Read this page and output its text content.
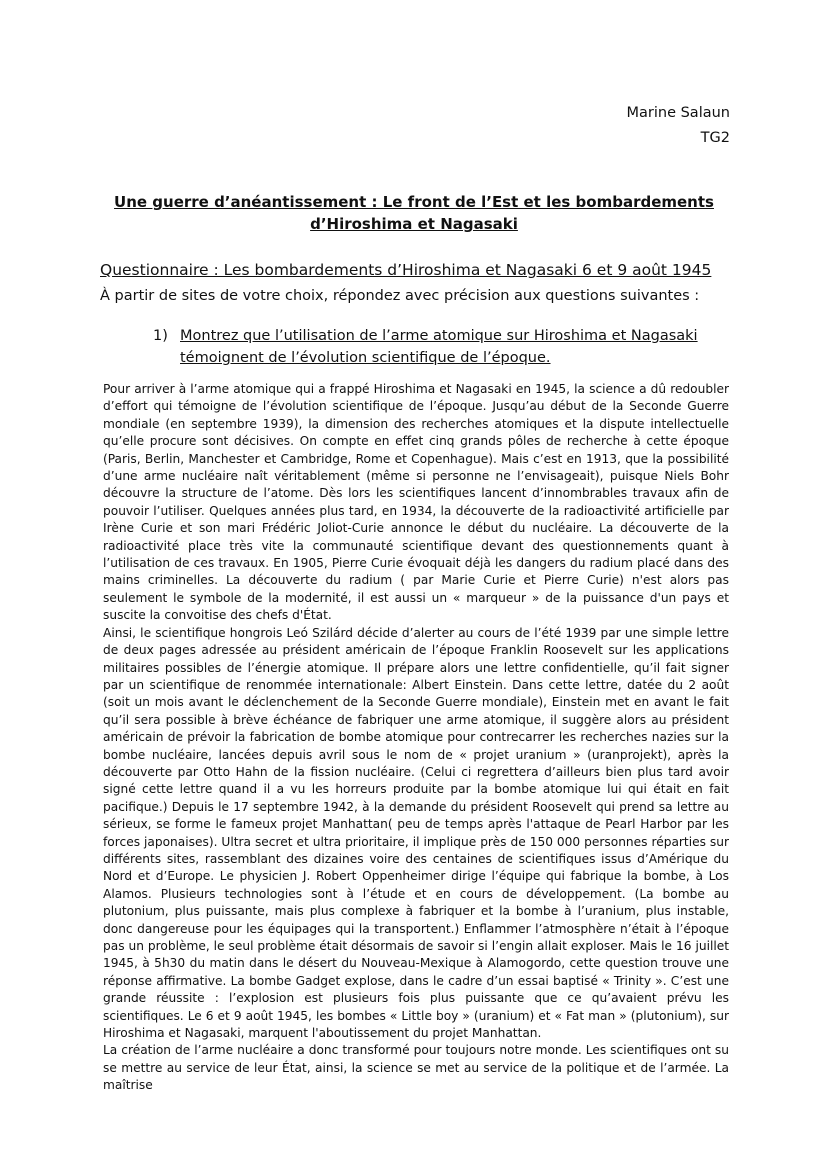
Marine Salaun
TG2
Une guerre d’anéantissement : Le front de l’Est et les bombardements d’Hiroshima et Nagasaki
Questionnaire : Les bombardements d’Hiroshima et Nagasaki 6 et 9 août 1945
À partir de sites de votre choix, répondez avec précision aux questions suivantes :
1) Montrez que l’utilisation de l’arme atomique sur Hiroshima et Nagasaki témoignent de l’évolution scientifique de l’époque.

Pour arriver à l’arme atomique qui a frappé Hiroshima et Nagasaki en 1945, la science a dû redoubler d’effort qui témoigne de l’évolution scientifique de l’époque. Jusqu’au début de la Seconde Guerre mondiale (en septembre 1939), la dimension des recherches atomiques et la dispute intellectuelle qu’elle procure sont décisives. On compte en effet cinq grands pôles de recherche à cette époque (Paris, Berlin, Manchester et Cambridge, Rome et Copenhague). Mais c’est en 1913, que la possibilité d’une arme nucléaire naît véritablement (même si personne ne l’envisageait), puisque Niels Bohr découvre la structure de l’atome. Dès lors les scientifiques lancent d’innombrables travaux afin de pouvoir l’utiliser. Quelques années plus tard, en 1934, la découverte de la radioactivité artificielle par Irène Curie et son mari Frédéric Joliot-Curie annonce le début du nucléaire. La découverte de la radioactivité place très vite la communauté scientifique devant des questionnements quant à l’utilisation de ces travaux. En 1905, Pierre Curie évoquait déjà les dangers du radium placé dans des mains criminelles. La découverte du radium ( par Marie Curie et Pierre Curie) n'est alors pas seulement le symbole de la modernité, il est aussi un « marqueur » de la puissance d'un pays et suscite la convoitise des chefs d'État.

Ainsi, le scientifique hongrois Leó Szilárd décide d’alerter au cours de l’été 1939 par une simple lettre de deux pages adressée au président américain de l’époque Franklin Roosevelt sur les applications militaires possibles de l’énergie atomique. Il prépare alors une lettre confidentielle, qu’il fait signer par un scientifique de renommée internationale: Albert Einstein. Dans cette lettre, datée du 2 août (soit un mois avant le déclenchement de la Seconde Guerre mondiale), Einstein met en avant le fait qu’il sera possible à brève échéance de fabriquer une arme atomique, il suggère alors au président américain de prévoir la fabrication de bombe atomique pour contrecarrer les recherches nazies sur la bombe nucléaire, lancées depuis avril sous le nom de « projet uranium » (uranprojekt), après la découverte par Otto Hahn de la fission nucléaire. (Celui ci regrettera d’ailleurs bien plus tard avoir signé cette lettre quand il a vu les horreurs produite par la bombe atomique lui qui était en fait pacifique.) Depuis le 17 septembre 1942, à la demande du président Roosevelt qui prend sa lettre au sérieux, se forme le fameux projet Manhattan( peu de temps après l'attaque de Pearl Harbor par les forces japonaises). Ultra secret et ultra prioritaire, il implique près de 150 000 personnes réparties sur différents sites, rassemblant des dizaines voire des centaines de scientifiques issus d’Amérique du Nord et d’Europe. Le physicien J. Robert Oppenheimer dirige l’équipe qui fabrique la bombe, à Los Alamos. Plusieurs technologies sont à l’étude et en cours de développement. (La bombe au plutonium, plus puissante, mais plus complexe à fabriquer et la bombe à l’uranium, plus instable, donc dangereuse pour les équipages qui la transportent.) Enflammer l’atmosphère n’était à l’époque pas un problème, le seul problème était désormais de savoir si l’engin allait exploser. Mais le 16 juillet 1945, à 5h30 du matin dans le désert du Nouveau-Mexique à Alamogordo, cette question trouve une réponse affirmative. La bombe Gadget explose, dans le cadre d’un essai baptisé « Trinity ». C’est une grande réussite : l’explosion est plusieurs fois plus puissante que ce qu’avaient prévu les scientifiques. Le 6 et 9 août 1945, les bombes « Little boy » (uranium) et « Fat man » (plutonium), sur Hiroshima et Nagasaki, marquent l'aboutissement du projet Manhattan.

La création de l’arme nucléaire a donc transformé pour toujours notre monde. Les scientifiques ont su se mettre au service de leur État, ainsi, la science se met au service de la politique et de l’armée. La maîtrise
